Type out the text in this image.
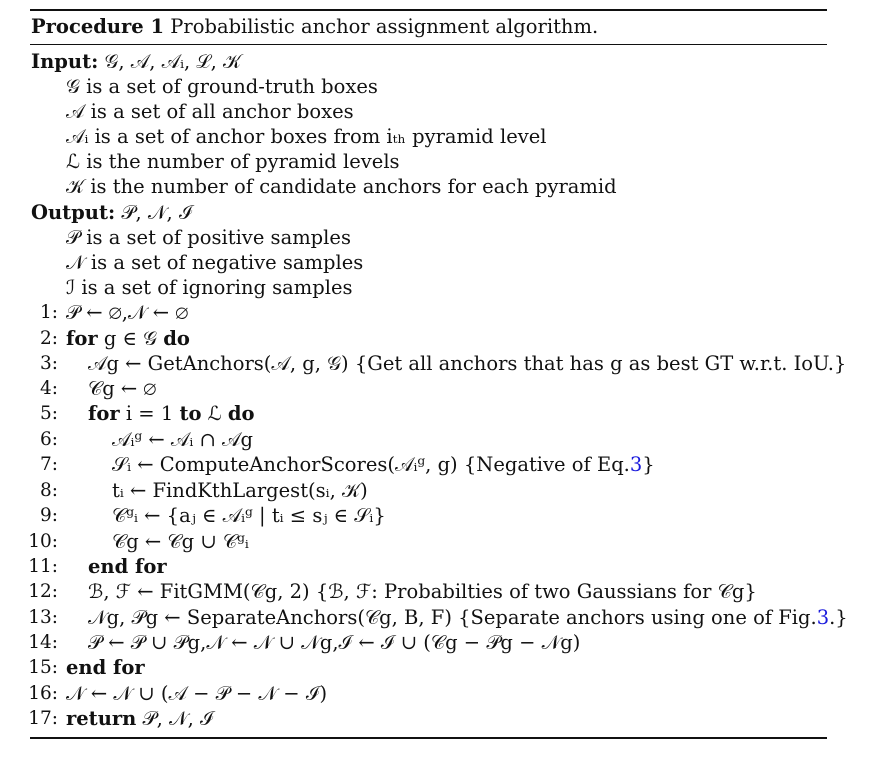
Procedure 1 Probabilistic anchor assignment algorithm.
Input: 𝒢, 𝒜, 𝒜ᵢ, ℒ, 𝒦
𝒢 is a set of ground-truth boxes
𝒜 is a set of all anchor boxes
𝒜ᵢ is a set of anchor boxes from iₜₕ pyramid level
ℒ is the number of pyramid levels
𝒦 is the number of candidate anchors for each pyramid
Output: 𝒫, 𝒩, ℐ
𝒫 is a set of positive samples
𝒩 is a set of negative samples
ℐ is a set of ignoring samples
1: 𝒫 ← ∅,𝒩 ← ∅
2: for g ∈ 𝒢 do
3: 𝒜g ← GetAnchors(𝒜, g, 𝒢) {Get all anchors that has g as best GT w.r.t. IoU.}
4: 𝒞g ← ∅
5: for i = 1 to ℒ do
6:	𝒜ᵢᵍ ← 𝒜ᵢ ∩ 𝒜g
7:	𝒮ᵢ ← ComputeAnchorScores(𝒜ᵢᵍ, g) {Negative of Eq.3}
8:	tᵢ ← FindKthLargest(sᵢ, 𝒦)
9:	𝒞ᵍᵢ ← {aⱼ ∈ 𝒜ᵢᵍ | tᵢ ≤ sⱼ ∈ 𝒮ᵢ}
10:	𝒞g ← 𝒞g ∪ 𝒞ᵍᵢ
11: end for
12: ℬ, ℱ ← FitGMM(𝒞g, 2) {ℬ, ℱ: Probabilties of two Gaussians for 𝒞g}
13: 𝒩g, 𝒫g ← SeparateAnchors(𝒞g, B, F) {Separate anchors using one of Fig.3.}
14: 𝒫 ← 𝒫 ∪ 𝒫g,𝒩 ← 𝒩 ∪ 𝒩g,ℐ ← ℐ ∪ (𝒞g − 𝒫g − 𝒩g)
15: end for
16: 𝒩 ← 𝒩 ∪ (𝒜 − 𝒫 − 𝒩 − ℐ)
17: return 𝒫, 𝒩, ℐ
